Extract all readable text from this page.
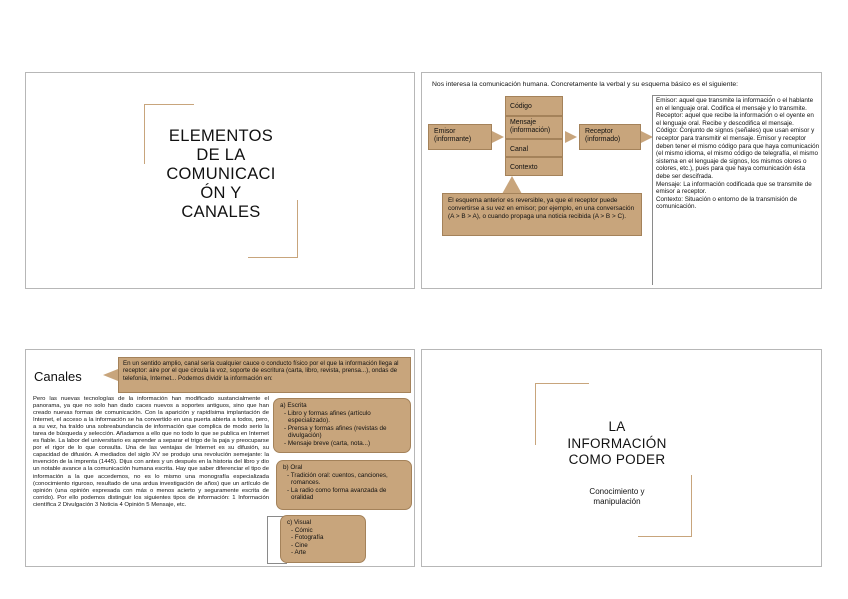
ELEMENTOS
DE LA
COMUNICACI
ÓN Y
CANALES
Nos interesa la comunicación humana. Concretamente la verbal y su esquema básico es el siguiente:
Emisor
(informante)
Código
Mensaje
(información)
Canal
Contexto
Receptor
(informado)
El esquema anterior es reversible, ya que el receptor puede convertirse a su vez en emisor; por ejemplo, en una conversación (A > B > A), o cuando propaga una noticia recibida (A > B > C).
Emisor: aquel que transmite la información o el hablante en el lenguaje oral. Codifica el mensaje y lo transmite.
Receptor: aquel que recibe la información o el oyente en el lenguaje oral. Recibe y descodifica el mensaje.
Código: Conjunto de signos (señales) que usan emisor y receptor para transmitir el mensaje. Emisor y receptor deben tener el mismo código para que haya comunicación (el mismo idioma, el mismo código de telegrafía, el mismo sistema en el lenguaje de signos, los mismos olores o colores, etc.), pues para que haya comunicación ésta debe ser descifrada.
Mensaje: La información codificada que se transmite de emisor a receptor.
Contexto: Situación o entorno de la transmisión de comunicación.
Canales
En un sentido amplio, canal sería cualquier cauce o conducto físico por el que la información llega al receptor: aire por el que circula la voz, soporte de escritura (carta, libro, revista, prensa...), ondas de telefonía, Internet... Podemos dividir la información en:
Pero las nuevas tecnologías de la información han modificado sustancialmente el panorama, ya que no solo han dado caces nuevos a soportes antiguos, sino que han creado nuevas formas de comunicación. Con la aparición y rapidísima implantación de Internet, el acceso a la información se ha convertido en una puerta abierta a todos, pero, a su vez, ha traído una sobreabundancia de información que complica de modo serio la tarea de búsqueda y selección. Añadamos a ello que no todo lo que se publica en Internet es fiable. La labor del universitario es aprender a separar el trigo de la paja y preocuparse por el rigor de lo que consulta. Una de las ventajas de Internet es su difusión, su capacidad de difusión. A mediados del siglo XV se produjo una revolución semejante: la invención de la imprenta (1445). Dijus con antes y un después en la historia del libro y dio un notable avance a la comunicación humana escrita. Hay que saber diferenciar el tipo de información a la que accedemos, no es lo mismo una monografía especializada (conocimiento riguroso, resultado de una ardua investigación de años) que un artículo de opinión (una opinión expresada con más o menos acierto y seguramente escrita de corrido). Por ello podemos distinguir los siguientes tipos de información: 1 Información científica 2 Divulgación 3 Noticia 4 Opinión 5 Mensaje, etc.
a) Escrita
- Libro y formas afines (artículo especializado).
- Prensa y formas afines (revistas de divulgación)
- Mensaje breve (carta, nota...)
b) Oral
- Tradición oral: cuentos, canciones, romances.
- La radio como forma avanzada de oralidad
c) Visual
- Cómic
- Fotografía
- Cine
- Arte
LA
INFORMACIÓN
COMO PODER
Conocimiento y
manipulación
